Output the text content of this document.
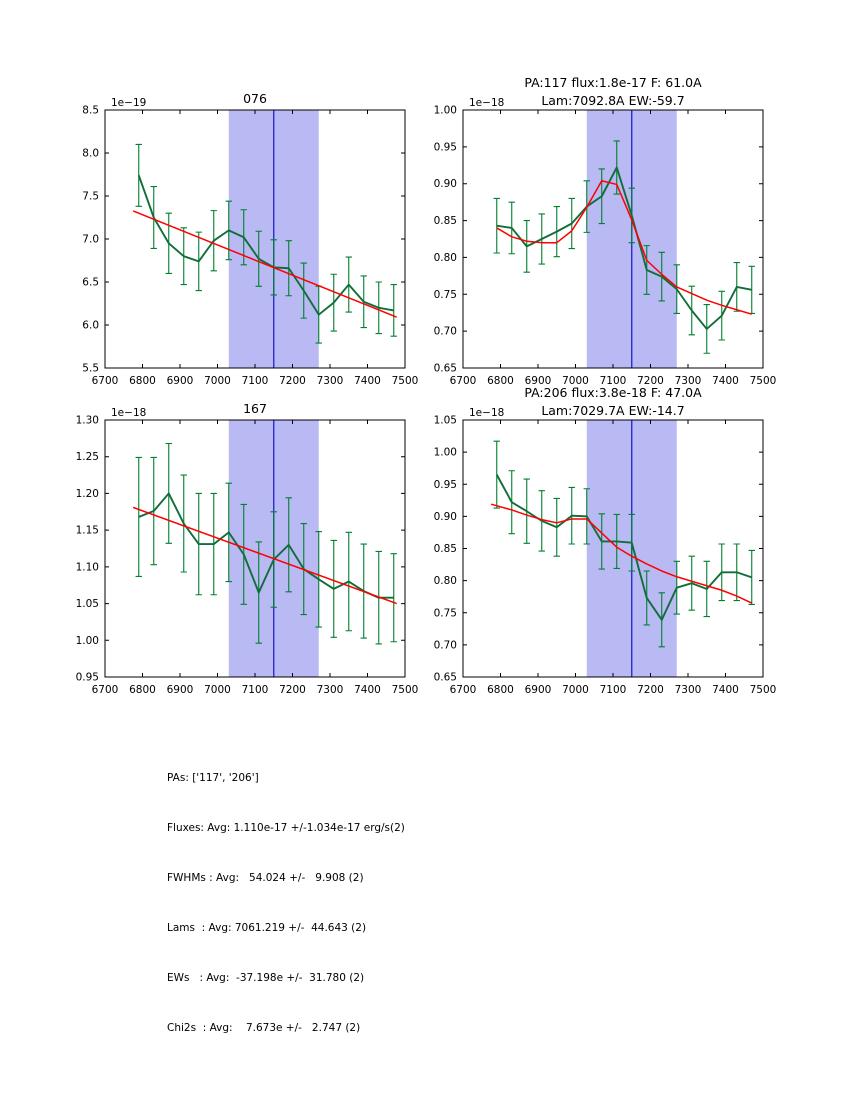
6700 6800 6900 7000 7100 7200 7300 7400 7500
5.5
6.0
6.5
7.0
7.5
8.0
8.5
1e−19	076
6700 6800 6900 7000 7100 7200 7300 7400 7500
0.65
0.70
0.75
0.80
0.85
0.90
0.95
1.00
1e−18
PA:117 flux:1.8e-17 F: 61.0A
Lam:7092.8A EW:-59.7
6700 6800 6900 7000 7100 7200 7300 7400 7500
0.95
1.00
1.05
1.10
1.15
1.20
1.25
1.30
1e−18	167
6700 6800 6900 7000 7100 7200 7300 7400 7500
0.65
0.70
0.75
0.80
0.85
0.90
0.95
1.00
1.05
1e−18
PA:206 flux:3.8e-18 F: 47.0A
Lam:7029.7A EW:-14.7

PAs: ['117', '206']

Fluxes: Avg: 1.110e-17 +/-1.034e-17 erg/s(2)

FWHMs : Avg:   54.024 +/-   9.908 (2)

Lams  : Avg: 7061.219 +/-  44.643 (2)

EWs   : Avg:  -37.198e +/-  31.780 (2)

Chi2s  : Avg:    7.673e +/-   2.747 (2)
